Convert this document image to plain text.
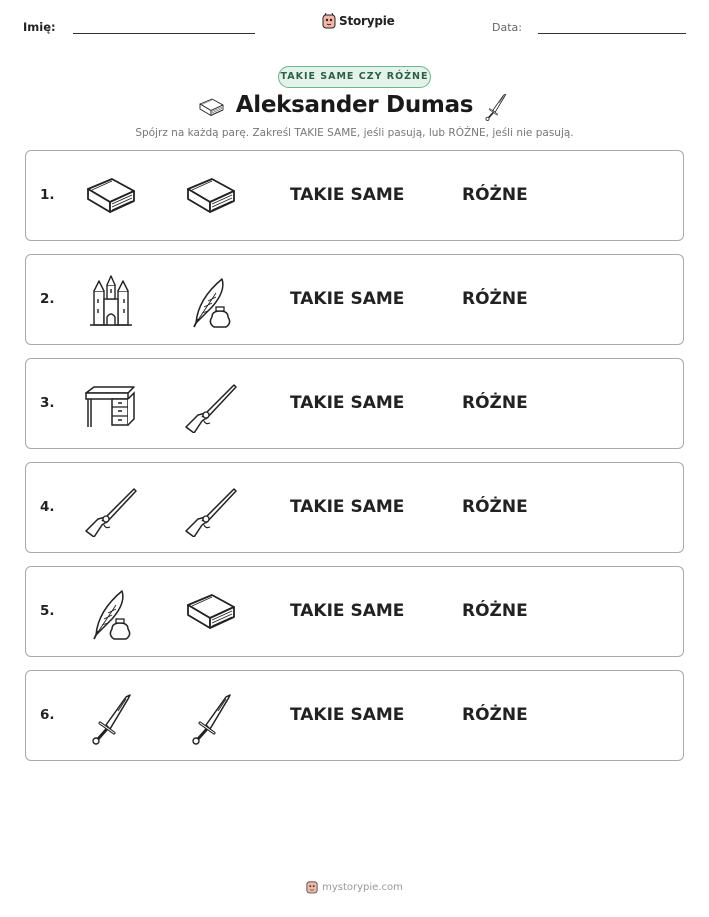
Imię:	Storypie	Data:
TAKIE SAME CZY RÓŻNE
Aleksander Dumas
Spójrz na każdą parę. Zakreśl TAKIE SAME, jeśli pasują, lub RÓŻNE, jeśli nie pasują.
1.	TAKIE SAME	RÓŻNE
2.	TAKIE SAME	RÓŻNE
3.	TAKIE SAME	RÓŻNE
4.	TAKIE SAME	RÓŻNE
5.	TAKIE SAME	RÓŻNE
6.	TAKIE SAME	RÓŻNE
mystorypie.com
